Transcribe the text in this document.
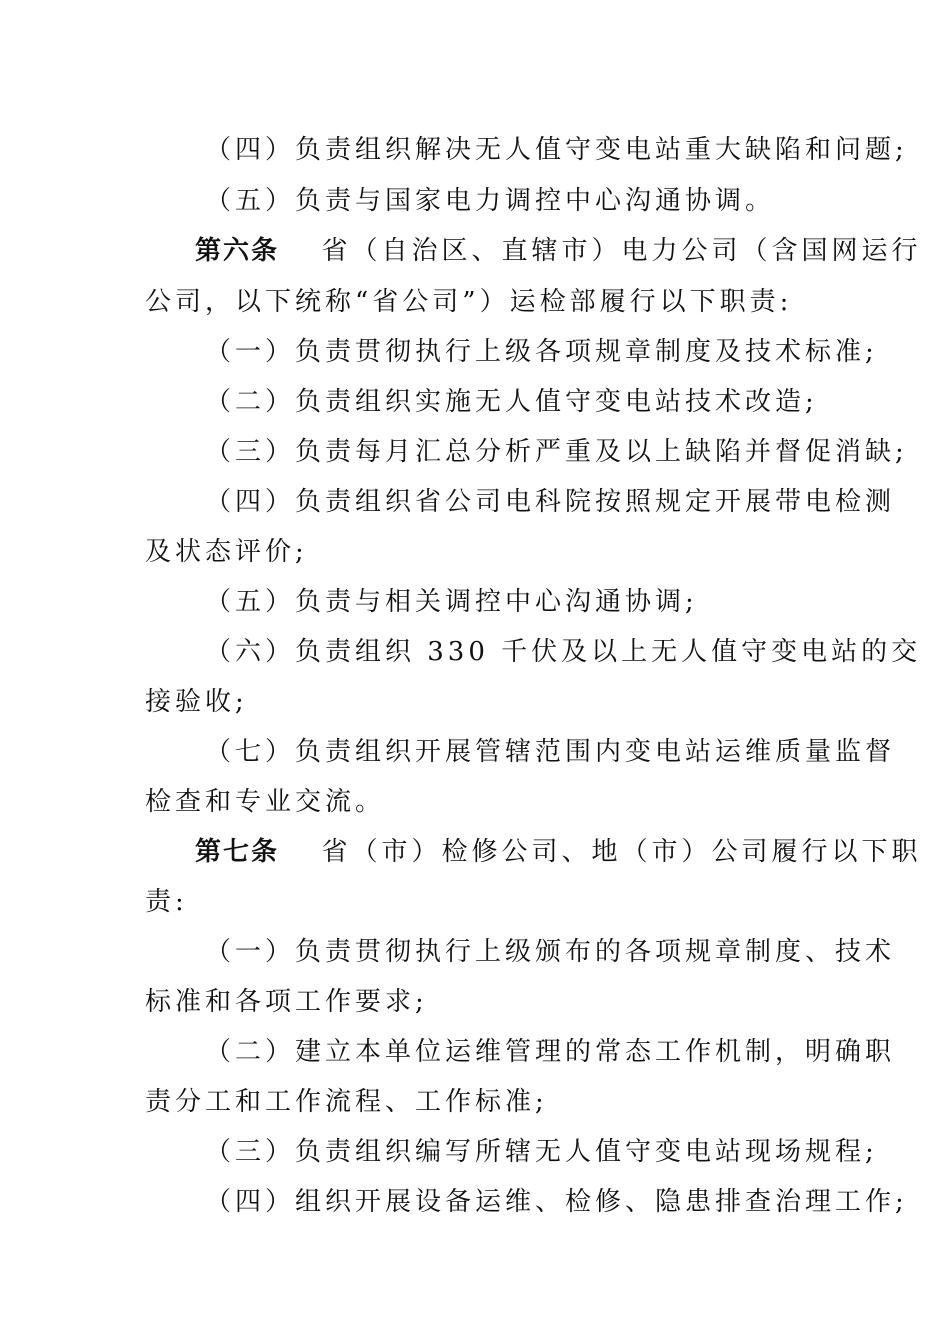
（四）负责组织解决无人值守变电站重大缺陷和问题;
（五）负责与国家电力调控中心沟通协调。
第六条 省（自治区、直辖市）电力公司（含国网运行
公司，以下统称“省公司”）运检部履行以下职责:
（一）负责贯彻执行上级各项规章制度及技术标准;
（二）负责组织实施无人值守变电站技术改造;
（三）负责每月汇总分析严重及以上缺陷并督促消缺;
（四）负责组织省公司电科院按照规定开展带电检测
及状态评价;
（五）负责与相关调控中心沟通协调;
（六）负责组织 330 千伏及以上无人值守变电站的交
接验收;
（七）负责组织开展管辖范围内变电站运维质量监督
检查和专业交流。
第七条 省（市）检修公司、地（市）公司履行以下职
责:
（一）负责贯彻执行上级颁布的各项规章制度、技术
标准和各项工作要求;
（二）建立本单位运维管理的常态工作机制，明确职
责分工和工作流程、工作标准;
（三）负责组织编写所辖无人值守变电站现场规程;
（四）组织开展设备运维、检修、隐患排查治理工作;
